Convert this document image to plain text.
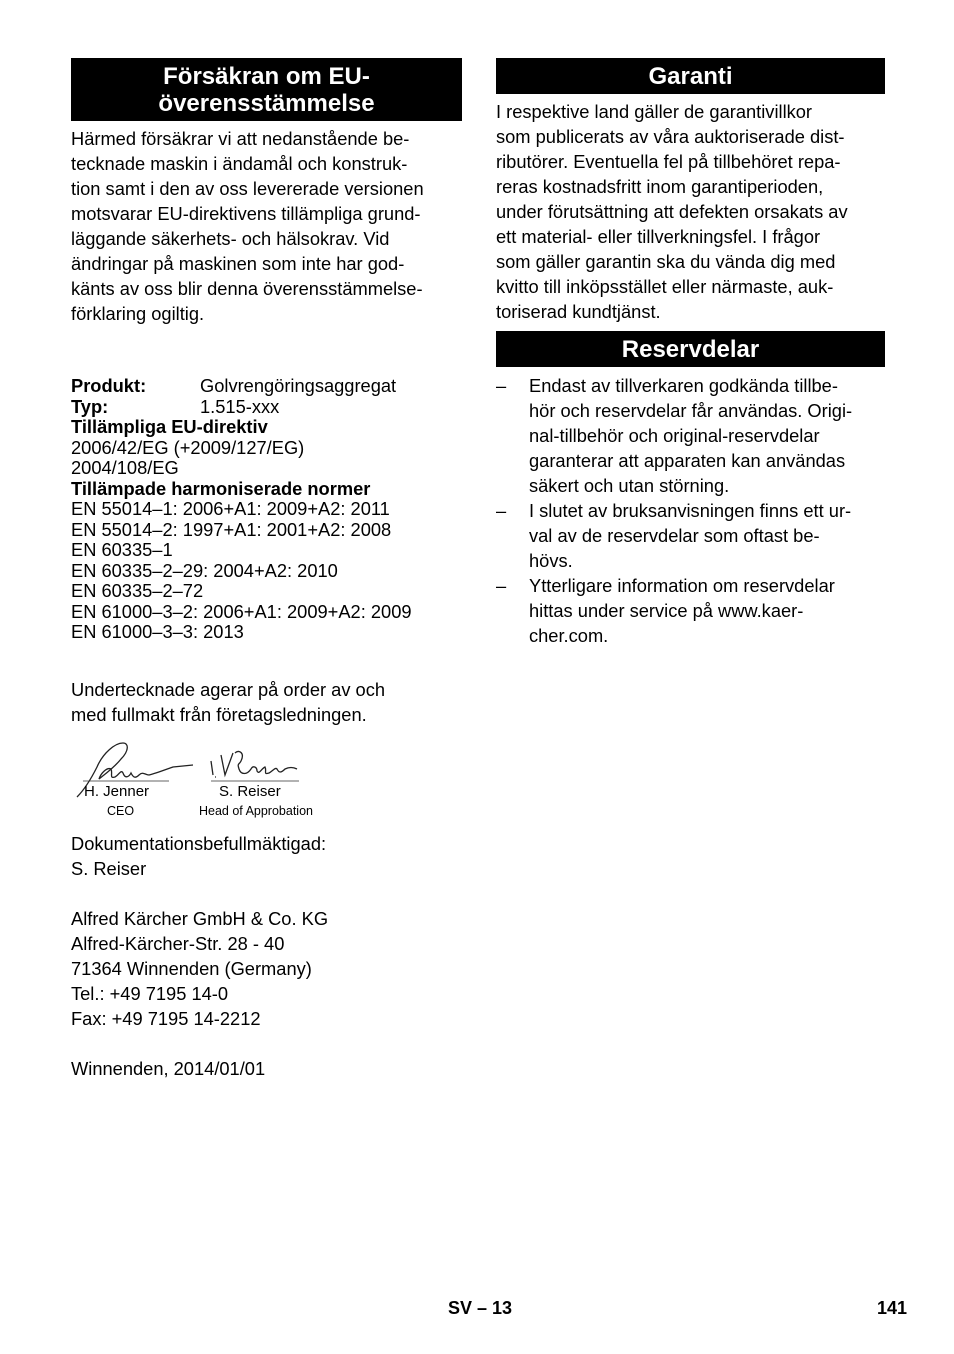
Försäkran om EU-
överensstämmelse
Härmed försäkrar vi att nedanstående be-
tecknade maskin i ändamål och konstruk-
tion samt i den av oss levererade versionen
motsvarar EU-direktivens tillämpliga grund-
läggande säkerhets- och hälsokrav. Vid
ändringar på maskinen som inte har god-
känts av oss blir denna överensstämmelse-
förklaring ogiltig.
Produkt:	Golvrengöringsaggregat
Typ:	1.515-xxx
Tillämpliga EU-direktiv
2006/42/EG (+2009/127/EG)
2004/108/EG
Tillämpade harmoniserade normer
EN 55014–1: 2006+A1: 2009+A2: 2011
EN 55014–2: 1997+A1: 2001+A2: 2008
EN 60335–1
EN 60335–2–29: 2004+A2: 2010
EN 60335–2–72
EN 61000–3–2: 2006+A1: 2009+A2: 2009
EN 61000–3–3: 2013
Undertecknade agerar på order av och
med fullmakt från företagsledningen.
H. Jenner
CEO
S. Reiser
Head of Approbation
Dokumentationsbefullmäktigad:
S. Reiser
Alfred Kärcher GmbH & Co. KG
Alfred-Kärcher-Str. 28 - 40
71364 Winnenden (Germany)
Tel.: +49 7195 14-0
Fax: +49 7195 14-2212
Winnenden, 2014/01/01
Garanti
I respektive land gäller de garantivillkor
som publicerats av våra auktoriserade dist-
ributörer. Eventuella fel på tillbehöret repa-
reras kostnadsfritt inom garantiperioden,
under förutsättning att defekten orsakats av
ett material- eller tillverkningsfel. I frågor
som gäller garantin ska du vända dig med
kvitto till inköpsstället eller närmaste, auk-
toriserad kundtjänst.
Reservdelar
– Endast av tillverkaren godkända tillbe-
hör och reservdelar får användas. Origi-
nal-tillbehör och original-reservdelar
garanterar att apparaten kan användas
säkert och utan störning.
– I slutet av bruksanvisningen finns ett ur-
val av de reservdelar som oftast be-
hövs.
– Ytterligare information om reservdelar
hittas under service på www.kaer-
cher.com.
SV – 13	141
